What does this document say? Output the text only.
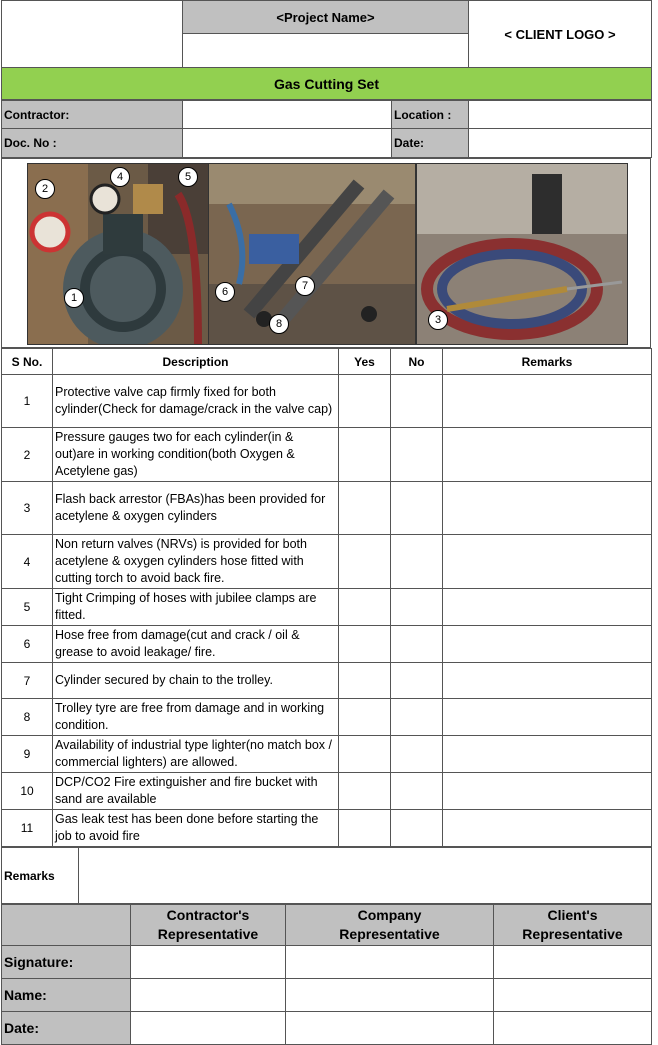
	<Project Name>	< CLIENT LOGO >

Gas Cutting Set
Contractor:		Location :	
Doc. No :		Date:	
2
4	5
1	6	7
8	3
S No.	Description	Yes	No	Remarks
1	Protective valve cap firmly fixed for both cylinder(Check for damage/crack in the valve cap)			
2	Pressure gauges two for each cylinder(in & out)are in working condition(both Oxygen & Acetylene gas)			
3	Flash back arrestor (FBAs)has been provided for acetylene & oxygen cylinders			
4	Non return valves (NRVs) is provided for both acetylene & oxygen cylinders hose fitted with cutting torch to avoid back fire.			
5	Tight Crimping of hoses with jubilee clamps are fitted.			
6	Hose free from damage(cut and crack / oil & grease to avoid leakage/ fire.			
7	Cylinder secured by chain to the trolley.			
8	Trolley tyre are free from damage and in working condition.			
9	Availability of industrial type lighter(no match box / commercial lighters) are allowed.			
10	DCP/CO2 Fire extinguisher and fire bucket with sand are available			
11	Gas leak test has been done before starting the job to avoid fire			
Remarks	
	Contractor's Representative	Company Representative	Client's Representative
Signature:			
Name:			
Date:			
